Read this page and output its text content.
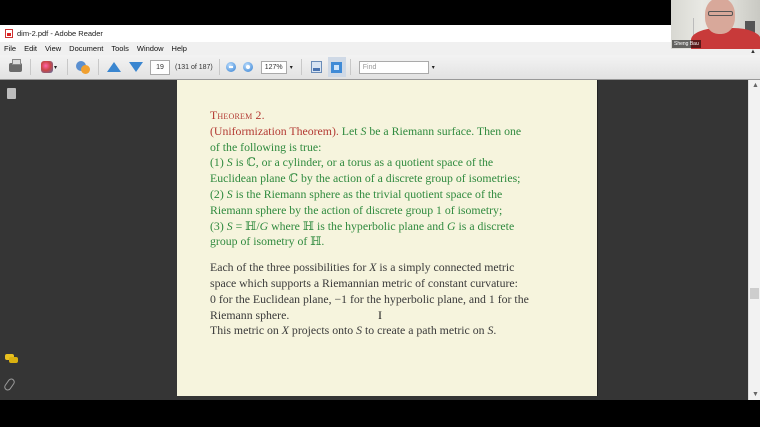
dim-2.pdf - Adobe Reader
File	Edit	View	Document	Tools	Window	Help
▾	19	(131 of 187)	127%	▾	Find	▾
Theorem 2.
(Uniformization Theorem). Let S be a Riemann surface. Then one
of the following is true:
(1) S is ℂ, or a cylinder, or a torus as a quotient space of the
Euclidean plane ℂ by the action of a discrete group of isometries;
(2) S is the Riemann sphere as the trivial quotient space of the
Riemann sphere by the action of discrete group 1 of isometry;
(3) S = ℍ/G where ℍ is the hyperbolic plane and G is a discrete
group of isometry of ℍ.
Each of the three possibilities for X is a simply connected metric
space which supports a Riemannian metric of constant curvature:
0 for the Euclidean plane, −1 for the hyperbolic plane, and 1 for the
Riemann sphere.
This metric on X projects onto S to create a path metric on S.
I
▲
▼
Sheng Bau
▲
